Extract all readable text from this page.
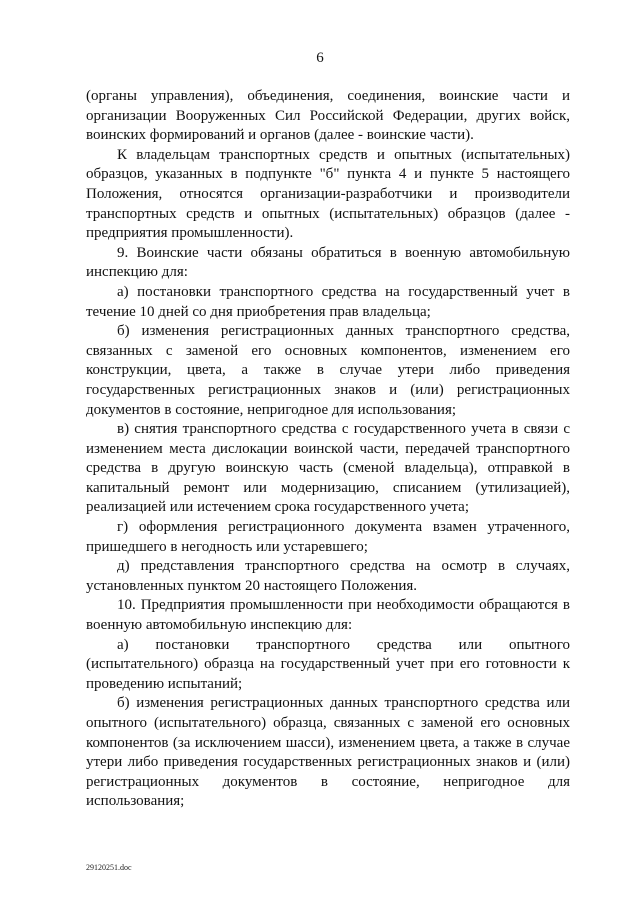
6

(органы управления), объединения, соединения, воинские части и организации Вооруженных Сил Российской Федерации, других войск, воинских формирований и органов (далее - воинские части).

К владельцам транспортных средств и опытных (испытательных) образцов, указанных в подпункте "б" пункта 4 и пункте 5 настоящего Положения, относятся организации-разработчики и производители транспортных средств и опытных (испытательных) образцов (далее - предприятия промышленности).

9. Воинские части обязаны обратиться в военную автомобильную инспекцию для:

а) постановки транспортного средства на государственный учет в течение 10 дней со дня приобретения прав владельца;

б) изменения регистрационных данных транспортного средства, связанных с заменой его основных компонентов, изменением его конструкции, цвета, а также в случае утери либо приведения государственных регистрационных знаков и (или) регистрационных документов в состояние, непригодное для использования;

в) снятия транспортного средства с государственного учета в связи с изменением места дислокации воинской части, передачей транспортного средства в другую воинскую часть (сменой владельца), отправкой в капитальный ремонт или модернизацию, списанием (утилизацией), реализацией или истечением срока государственного учета;

г) оформления регистрационного документа взамен утраченного, пришедшего в негодность или устаревшего;

д) представления транспортного средства на осмотр в случаях, установленных пунктом 20 настоящего Положения.

10. Предприятия промышленности при необходимости обращаются в военную автомобильную инспекцию для:

а) постановки транспортного средства или опытного (испытательного) образца на государственный учет при его готовности к проведению испытаний;

б) изменения регистрационных данных транспортного средства или опытного (испытательного) образца, связанных с заменой его основных компонентов (за исключением шасси), изменением цвета, а также в случае утери либо приведения государственных регистрационных знаков и (или) регистрационных документов в состояние, непригодное для использования;

29120251.doc
